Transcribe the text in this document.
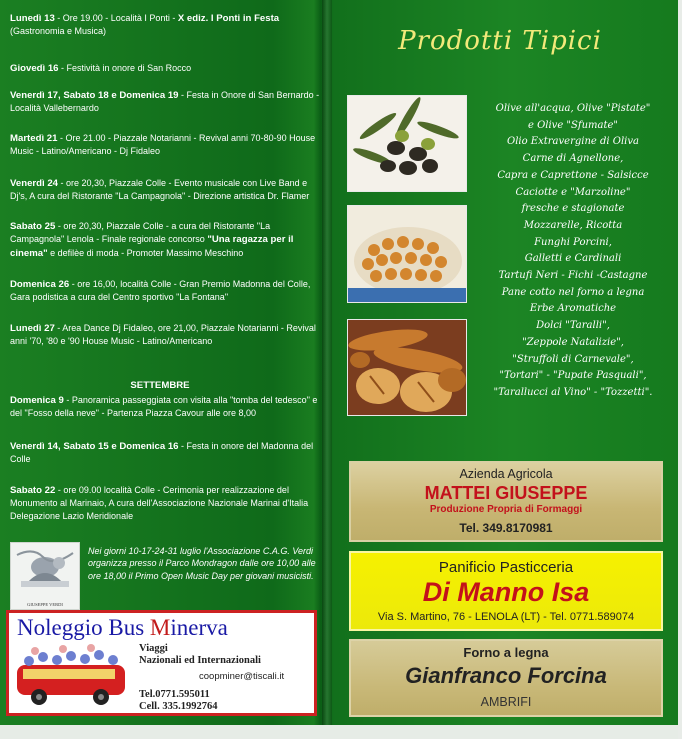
Lunedì 13 - Ore 19.00 - Località I Ponti - X ediz. I Ponti in Festa (Gastronomia e Musica)
Giovedì 16 - Festività in onore di San Rocco
Venerdì 17, Sabato 18 e Domenica 19 - Festa in Onore di San Bernardo - Località Vallebernardo
Martedì 21 - Ore 21.00 - Piazzale Notarianni - Revival anni 70-80-90 House Music - Latino/Americano - Dj Fidaleo
Venerdì 24 - ore 20,30, Piazzale Colle - Evento musicale con Live Band e Dj's, A cura del Ristorante "La Campagnola" - Direzione artistica Dr. Flamer
Sabato 25 - ore 20,30, Piazzale Colle - a cura del Ristorante "La Campagnola" Lenola - Finale regionale concorso "Una ragazza per il cinema" e defilèe di moda - Promoter Massimo Meschino
Domenica 26 - ore 16,00, località Colle - Gran Premio Madonna del Colle, Gara podistica a cura del Centro sportivo "La Fontana"
Lunedì 27 - Area Dance Dj Fidaleo, ore 21,00, Piazzale Notarianni - Revival anni '70, '80 e '90 House Music - Latino/Americano
SETTEMBRE
Domenica 9 - Panoramica passeggiata con visita alla "tomba del tedesco" e del "Fosso della neve" - Partenza Piazza Cavour alle ore 8,00
Venerdì 14, Sabato 15 e Domenica 16 - Festa in onore del Madonna del Colle
Sabato 22 - ore 09.00 località Colle - Cerimonia per realizzazione del Monumento al Marinaio, A cura dell'Associazione Nazionale Marinai d'Italia Delegazione Lazio Meridionale
GIUSEPPE VERDI
Nei giorni 10-17-24-31 luglio l'Associazione C.A.G. Verdi organizza presso il Parco Mondragon dalle ore 10,00 alle ore 18,00 il Primo Open Music Day per giovani musicisti.
Noleggio Bus Minerva
Viaggi
Nazionali ed Internazionali
coopminer@tiscali.it
Tel.0771.595011
Cell. 335.1992764
Prodotti Tipici
Olive all'acqua, Olive "Pistate"
e Olive "Sfumate"
Olio Extravergine di Oliva
Carne di Agnellone,
Capra e Caprettone - Salsicce
Caciotte e "Marzoline"
fresche e stagionate
Mozzarelle, Ricotta
Funghi Porcini,
Galletti e Cardinali
Tartufi Neri - Fichi -Castagne
Pane cotto nel forno a legna
Erbe Aromatiche
Dolci "Taralli",
"Zeppole Natalizie",
"Struffoli di Carnevale",
"Tortari" - "Pupate Pasquali",
"Tarallucci al Vino" - "Tozzetti".
Azienda Agricola
MATTEI GIUSEPPE
Produzione Propria di Formaggi
Tel. 349.8170981
Panificio Pasticceria
Di Manno Isa
Via S. Martino, 76 - LENOLA (LT) - Tel. 0771.589074
Forno a legna
Gianfranco Forcina
AMBRIFI
